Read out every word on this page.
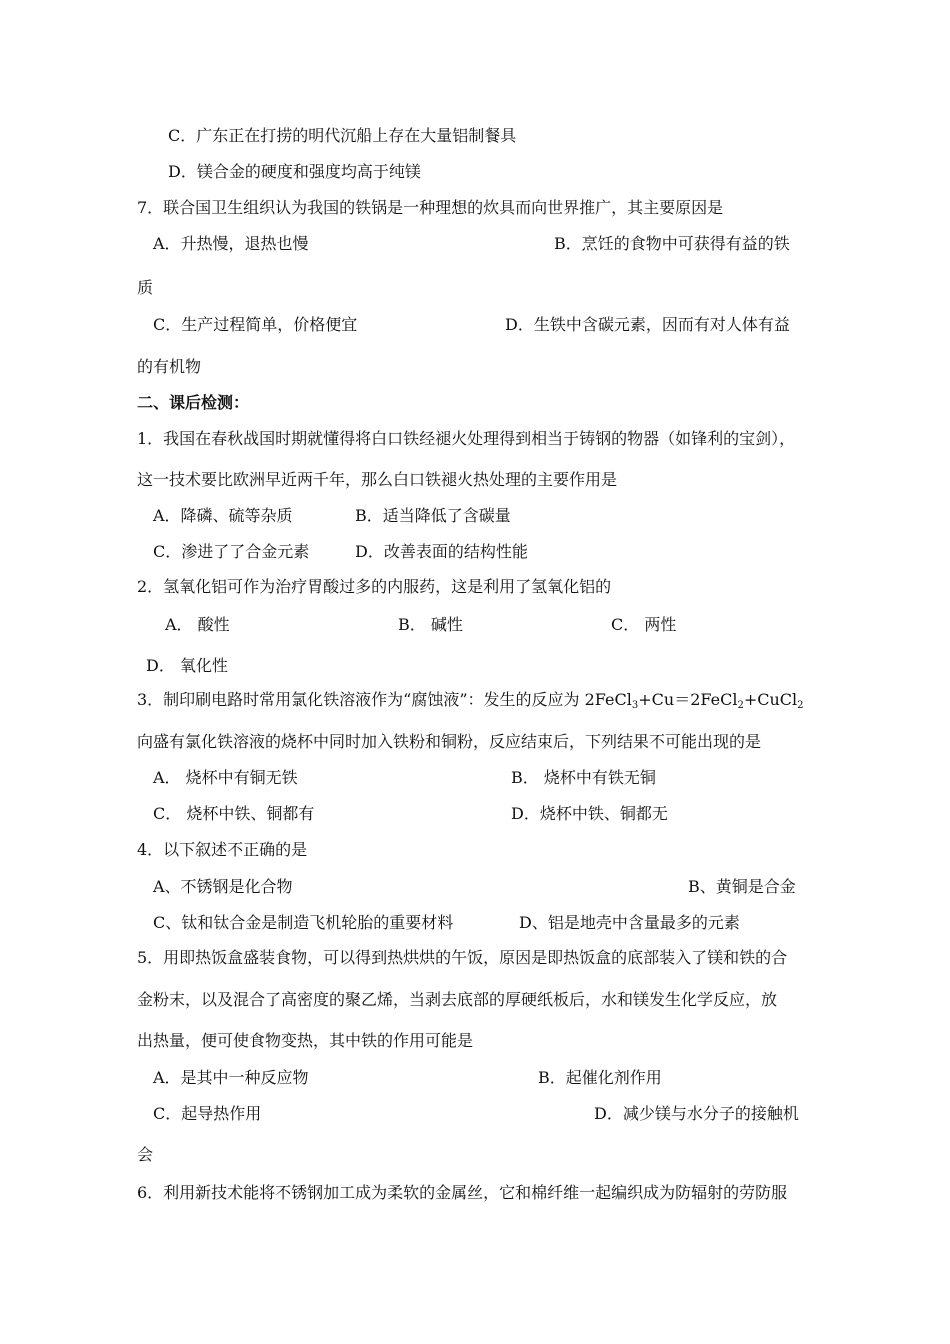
C．广东正在打捞的明代沉船上存在大量铝制餐具
D．镁合金的硬度和强度均高于纯镁
7．联合国卫生组织认为我国的铁锅是一种理想的炊具而向世界推广，其主要原因是
A．升热慢，退热也慢	B．烹饪的食物中可获得有益的铁
质
C．生产过程简单，价格便宜	D．生铁中含碳元素，因而有对人体有益
的有机物
二、课后检测：
1．我国在春秋战国时期就懂得将白口铁经褪火处理得到相当于铸钢的物器（如锋利的宝剑），
这一技术要比欧洲早近两千年，那么白口铁褪火热处理的主要作用是
A．降磷、硫等杂质	B．适当降低了含碳量
C．渗进了了合金元素	D．改善表面的结构性能
2．氢氧化铝可作为治疗胃酸过多的内服药，这是利用了氢氧化铝的
A． 酸性	B． 碱性	C． 两性
D． 氧化性
3．制印刷电路时常用氯化铁溶液作为“腐蚀液”：发生的反应为 2FeCl$_3$+Cu＝2FeCl$_2$+CuCl$_2$
向盛有氯化铁溶液的烧杯中同时加入铁粉和铜粉，反应结束后，下列结果不可能出现的是
A． 烧杯中有铜无铁	B． 烧杯中有铁无铜
C． 烧杯中铁、铜都有	D．烧杯中铁、铜都无
4．以下叙述不正确的是
A、不锈钢是化合物	B、黄铜是合金
C、钛和钛合金是制造飞机轮胎的重要材料	D、铝是地壳中含量最多的元素
5．用即热饭盒盛装食物，可以得到热烘烘的午饭，原因是即热饭盒的底部装入了镁和铁的合
金粉末，以及混合了高密度的聚乙烯，当剥去底部的厚硬纸板后，水和镁发生化学反应，放
出热量，便可使食物变热，其中铁的作用可能是
A．是其中一种反应物	B．起催化剂作用
C．起导热作用	D．减少镁与水分子的接触机
会
6．利用新技术能将不锈钢加工成为柔软的金属丝，它和棉纤维一起编织成为防辐射的劳防服
